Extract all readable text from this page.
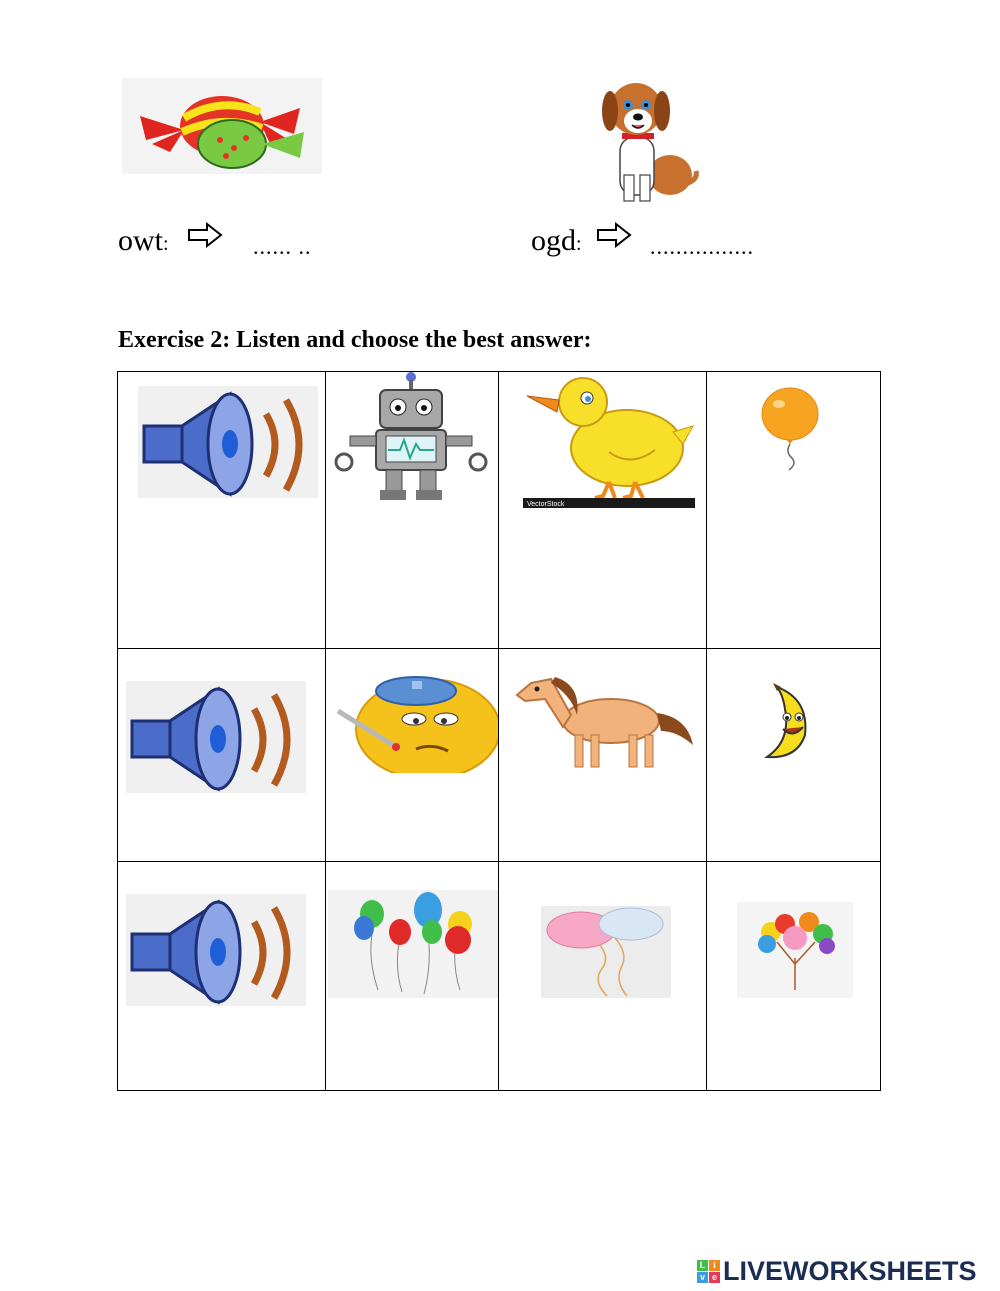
owt:	...... ..	ogd:	................
Exercise 2: Listen and choose the best answer:

VectorStock

L i
v e LIVEWORKSHEETS
